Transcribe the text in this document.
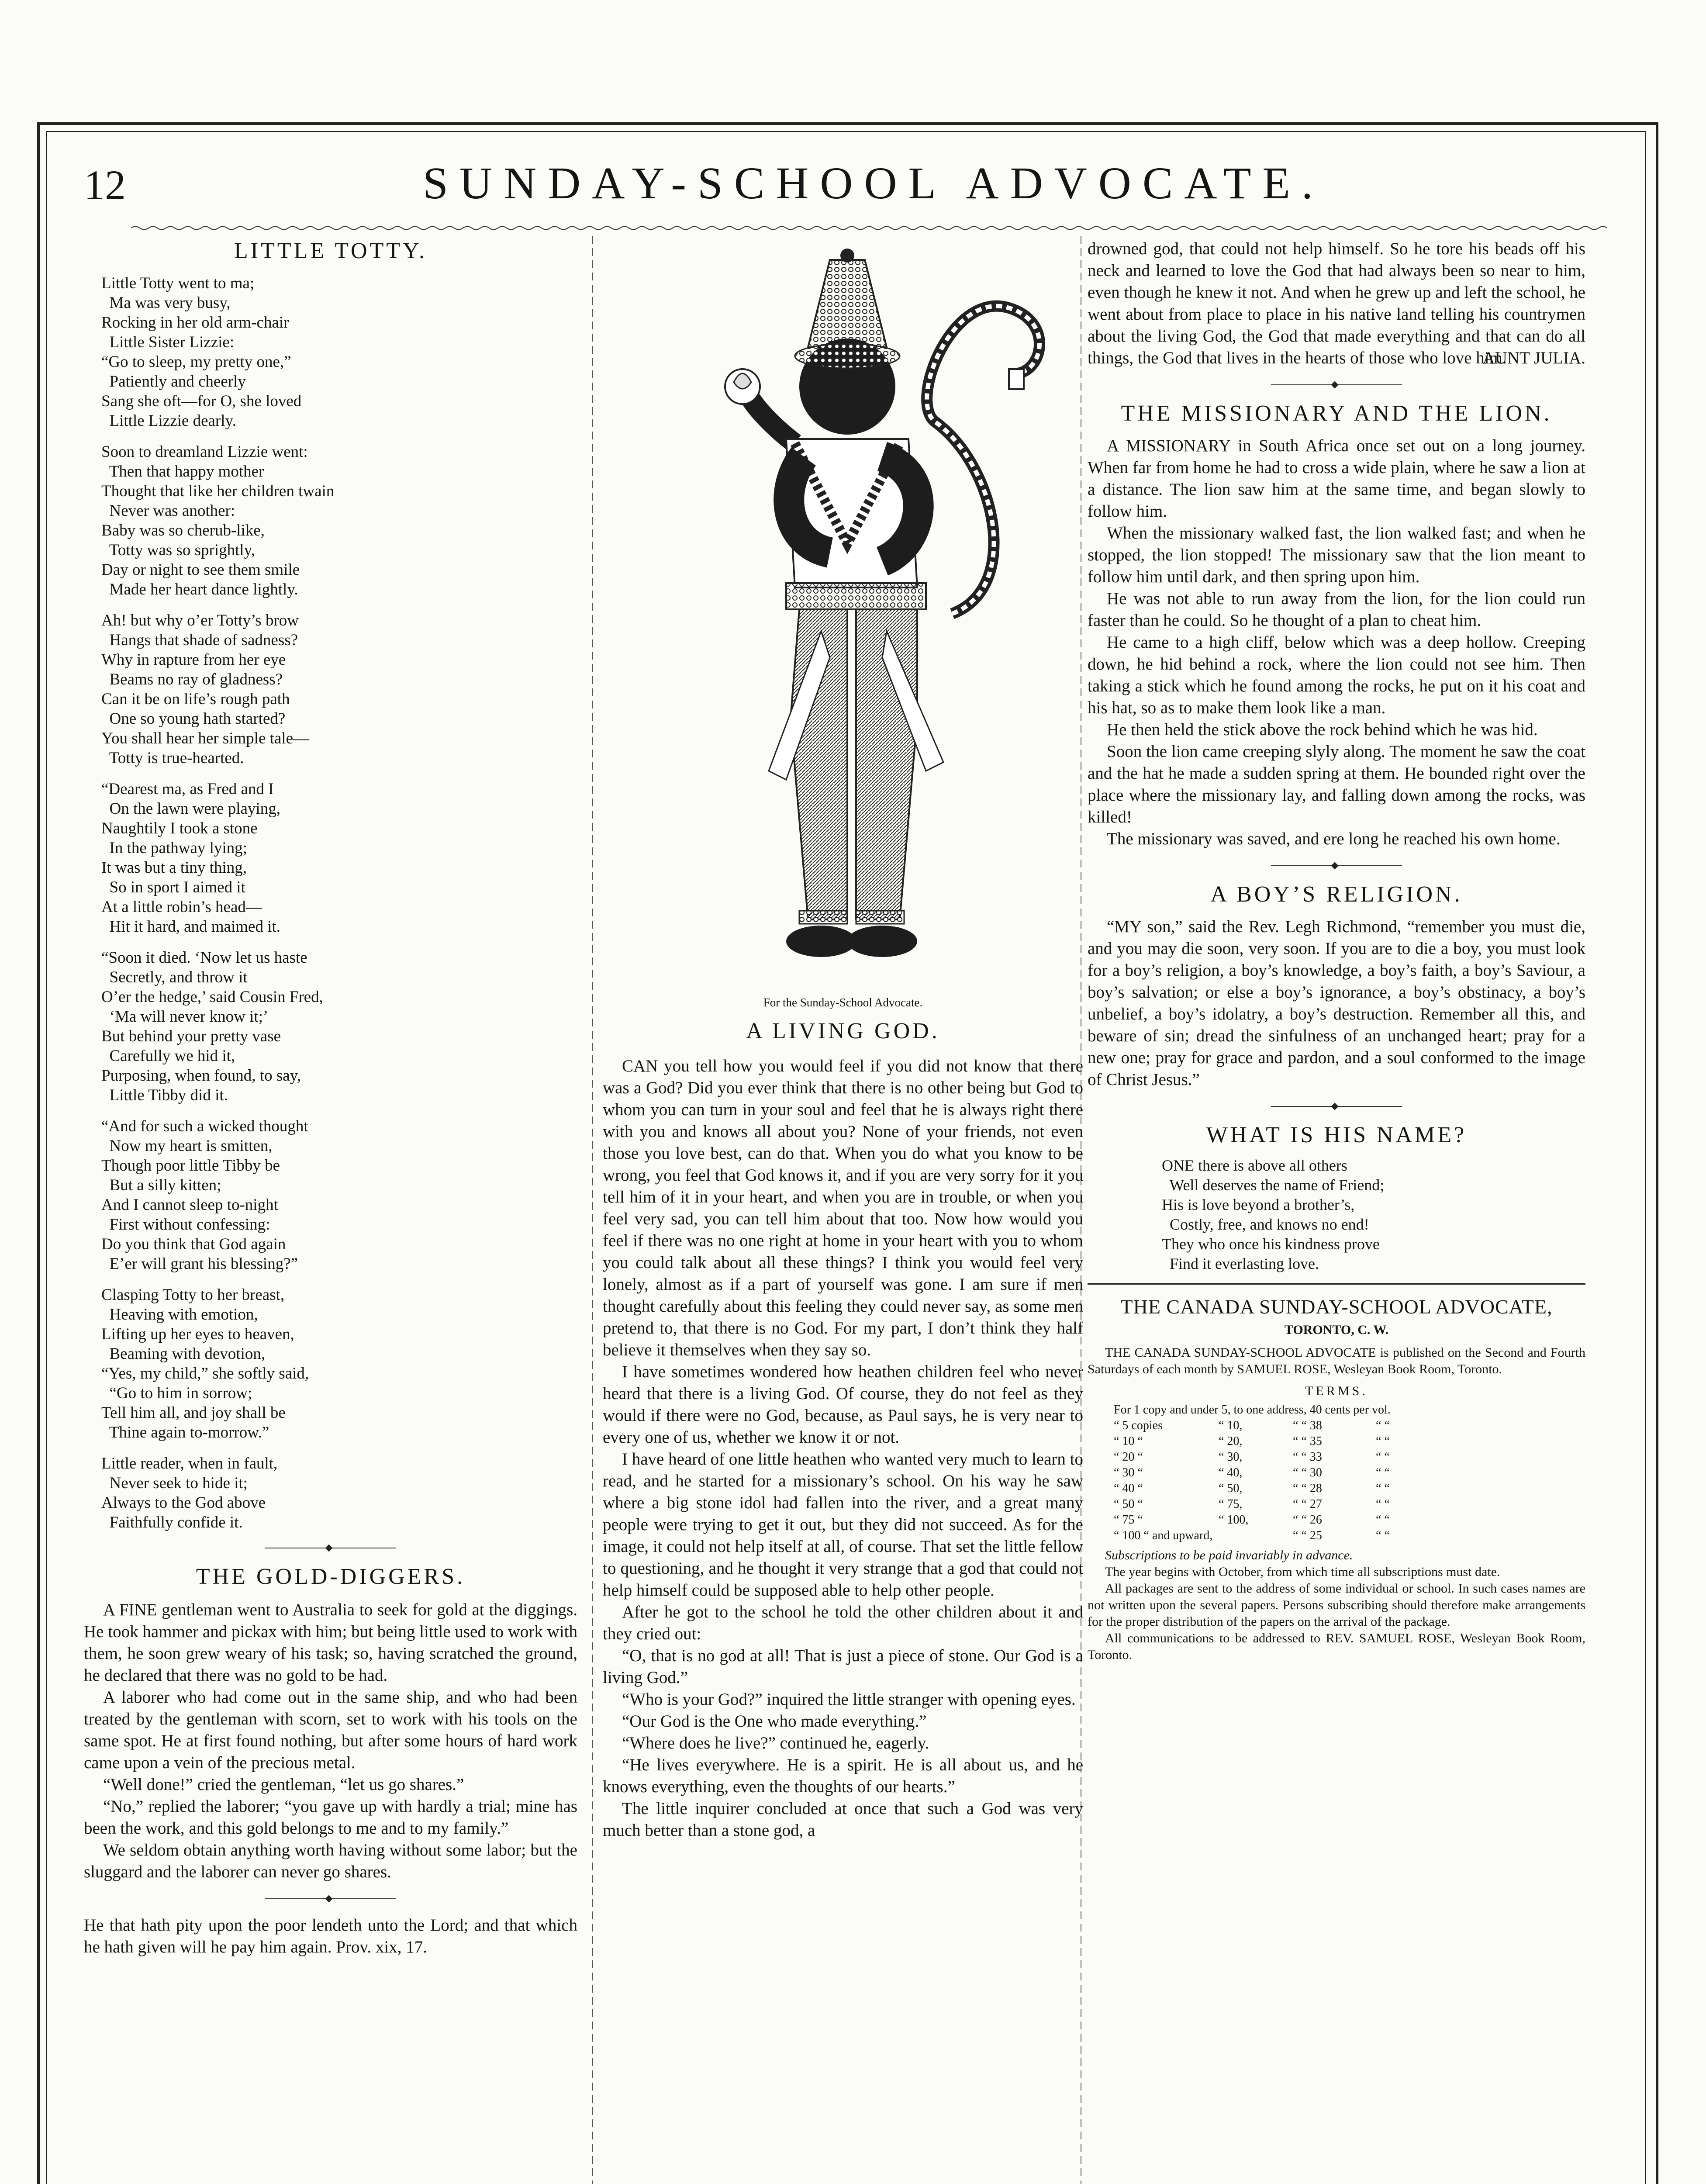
12	SUNDAY-SCHOOL ADVOCATE.
LITTLE TOTTY.

Little Totty went to ma;

Ma was very busy,

Rocking in her old arm-chair

Little Sister Lizzie:

“Go to sleep, my pretty one,”

Patiently and cheerly

Sang she oft—for O, she loved

Little Lizzie dearly.

Soon to dreamland Lizzie went:

Then that happy mother

Thought that like her children twain

Never was another:

Baby was so cherub-like,

Totty was so sprightly,

Day or night to see them smile

Made her heart dance lightly.

Ah! but why o’er Totty’s brow

Hangs that shade of sadness?

Why in rapture from her eye

Beams no ray of gladness?

Can it be on life’s rough path

One so young hath started?

You shall hear her simple tale—

Totty is true-hearted.

“Dearest ma, as Fred and I

On the lawn were playing,

Naughtily I took a stone

In the pathway lying;

It was but a tiny thing,

So in sport I aimed it

At a little robin’s head—

Hit it hard, and maimed it.

“Soon it died. ‘Now let us haste

Secretly, and throw it

O’er the hedge,’ said Cousin Fred,

‘Ma will never know it;’

But behind your pretty vase

Carefully we hid it,

Purposing, when found, to say,

Little Tibby did it.

“And for such a wicked thought

Now my heart is smitten,

Though poor little Tibby be

But a silly kitten;

And I cannot sleep to-night

First without confessing:

Do you think that God again

E’er will grant his blessing?”

Clasping Totty to her breast,

Heaving with emotion,

Lifting up her eyes to heaven,

Beaming with devotion,

“Yes, my child,” she softly said,

“Go to him in sorrow;

Tell him all, and joy shall be

Thine again to-morrow.”

Little reader, when in fault,

Never seek to hide it;

Always to the God above

Faithfully confide it.

THE GOLD-DIGGERS.

A FINE gentleman went to Australia to seek for gold at the diggings. He took hammer and pickax with him; but being little used to work with them, he soon grew weary of his task; so, having scratched the ground, he declared that there was no gold to be had.

A laborer who had come out in the same ship, and who had been treated by the gentleman with scorn, set to work with his tools on the same spot. He at first found nothing, but after some hours of hard work came upon a vein of the precious metal.

“Well done!” cried the gentleman, “let us go shares.”

“No,” replied the laborer; “you gave up with hardly a trial; mine has been the work, and this gold belongs to me and to my family.”

We seldom obtain anything worth having without some labor; but the sluggard and the laborer can never go shares.

He that hath pity upon the poor lendeth unto the Lord; and that which he hath given will he pay him again. Prov. xix, 17.

For the Sunday-School Advocate.

A LIVING GOD.

CAN you tell how you would feel if you did not know that there was a God? Did you ever think that there is no other being but God to whom you can turn in your soul and feel that he is always right there with you and knows all about you? None of your friends, not even those you love best, can do that. When you do what you know to be wrong, you feel that God knows it, and if you are very sorry for it you tell him of it in your heart, and when you are in trouble, or when you feel very sad, you can tell him about that too. Now how would you feel if there was no one right at home in your heart with you to whom you could talk about all these things? I think you would feel very lonely, almost as if a part of yourself was gone. I am sure if men thought carefully about this feeling they could never say, as some men pretend to, that there is no God. For my part, I don’t think they half believe it themselves when they say so.

I have sometimes wondered how heathen children feel who never heard that there is a living God. Of course, they do not feel as they would if there were no God, because, as Paul says, he is very near to every one of us, whether we know it or not.

I have heard of one little heathen who wanted very much to learn to read, and he started for a missionary’s school. On his way he saw where a big stone idol had fallen into the river, and a great many people were trying to get it out, but they did not succeed. As for the image, it could not help itself at all, of course. That set the little fellow to questioning, and he thought it very strange that a god that could not help himself could be supposed able to help other people.

After he got to the school he told the other children about it and they cried out:

“O, that is no god at all! That is just a piece of stone. Our God is a living God.”

“Who is your God?” inquired the little stranger with opening eyes.

“Our God is the One who made everything.”

“Where does he live?” continued he, eagerly.

“He lives everywhere. He is a spirit. He is all about us, and he knows everything, even the thoughts of our hearts.”

The little inquirer concluded at once that such a God was very much better than a stone god, a

drowned god, that could not help himself. So he tore his beads off his neck and learned to love the God that had always been so near to him, even though he knew it not. And when he grew up and left the school, he went about from place to place in his native land telling his countrymen about the living God, the God that made everything and that can do all things, the God that lives in the hearts of those who love him.

AUNT JULIA.

THE MISSIONARY AND THE LION.

A MISSIONARY in South Africa once set out on a long journey. When far from home he had to cross a wide plain, where he saw a lion at a distance. The lion saw him at the same time, and began slowly to follow him.

When the missionary walked fast, the lion walked fast; and when he stopped, the lion stopped! The missionary saw that the lion meant to follow him until dark, and then spring upon him.

He was not able to run away from the lion, for the lion could run faster than he could. So he thought of a plan to cheat him.

He came to a high cliff, below which was a deep hollow. Creeping down, he hid behind a rock, where the lion could not see him. Then taking a stick which he found among the rocks, he put on it his coat and his hat, so as to make them look like a man.

He then held the stick above the rock behind which he was hid.

Soon the lion came creeping slyly along. The moment he saw the coat and the hat he made a sudden spring at them. He bounded right over the place where the missionary lay, and falling down among the rocks, was killed!

The missionary was saved, and ere long he reached his own home.

A BOY’S RELIGION.

“MY son,” said the Rev. Legh Richmond, “remember you must die, and you may die soon, very soon. If you are to die a boy, you must look for a boy’s religion, a boy’s knowledge, a boy’s faith, a boy’s Saviour, a boy’s salvation; or else a boy’s ignorance, a boy’s obstinacy, a boy’s unbelief, a boy’s idolatry, a boy’s destruction. Remember all this, and beware of sin; dread the sinfulness of an unchanged heart; pray for a new one; pray for grace and pardon, and a soul conformed to the image of Christ Jesus.”

WHAT IS HIS NAME?

ONE there is above all others

Well deserves the name of Friend;

His is love beyond a brother’s,

Costly, free, and knows no end!

They who once his kindness prove

Find it everlasting love.

THE CANADA SUNDAY-SCHOOL ADVOCATE,

TORONTO, C. W.

THE CANADA SUNDAY-SCHOOL ADVOCATE is published on the Second and Fourth Saturdays of each month by SAMUEL ROSE, Wesleyan Book Room, Toronto.

TERMS.

For 1 copy and under 5, to one address, 40 cents per vol.
“ 5 copies	“ 10,	“ “ 38	“ “
“ 10 “	“ 20,	“ “ 35	“ “
“ 20 “	“ 30,	“ “ 33	“ “
“ 30 “	“ 40,	“ “ 30	“ “
“ 40 “	“ 50,	“ “ 28	“ “
“ 50 “	“ 75,	“ “ 27	“ “
“ 75 “	“ 100,	“ “ 26	“ “
“ 100 “ and upward,	“ “ 25	“ “

Subscriptions to be paid invariably in advance.

The year begins with October, from which time all subscriptions must date.

All packages are sent to the address of some individual or school. In such cases names are not written upon the several papers. Persons subscribing should therefore make arrangements for the proper distribution of the papers on the arrival of the package.

All communications to be addressed to REV. SAMUEL ROSE, Wesleyan Book Room, Toronto.
